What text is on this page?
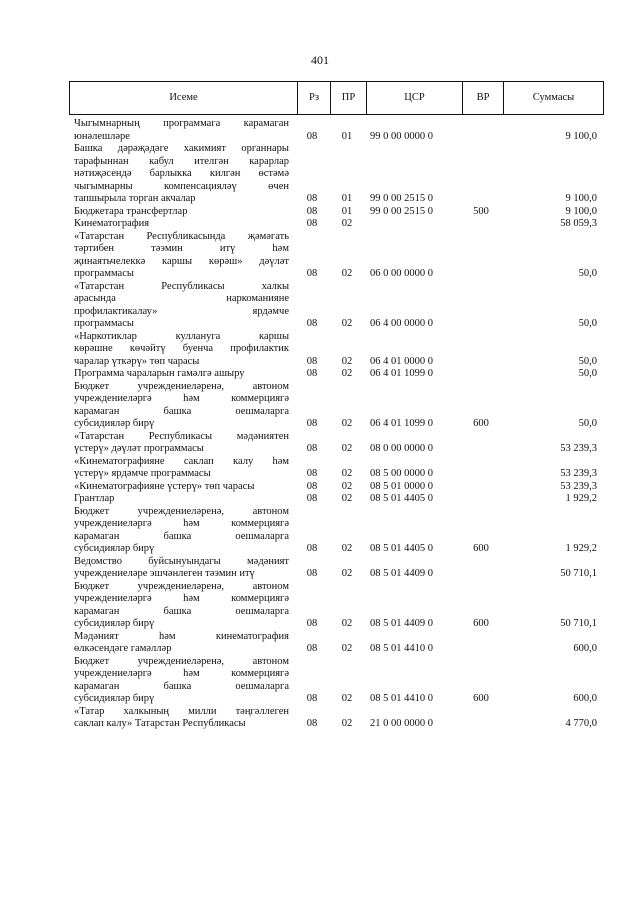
401
Исеме	Рз	ПР	ЦСР	ВР	Суммасы
Чыгымнарның программага карамаган
юнәлешләре	08	01	99 0 00 0000 0	9 100,0
Башка дәрәҗәдәге хакимият органнары
тарафыннан кабул ителгән карарлар
нәтиҗәсендә барлыкка килгән өстәмә
чыгымнарны компенсацияләү өчен
тапшырыла торган акчалар	08	01	99 0 00 2515 0	9 100,0
Бюджетара трансфертлар	08	01	99 0 00 2515 0	500	9 100,0
Кинематография	08	02	58 059,3
«Татарстан Республикасында җәмәгать
тәртибен тәэмин итү һәм
җинаятьчелеккә каршы көрәш» дәүләт
программасы	08	02	06 0 00 0000 0	50,0
«Татарстан Республикасы халкы
арасында наркоманияне
профилактикалау» ярдәмче
программасы	08	02	06 4 00 0000 0	50,0
«Наркотиклар куллануга каршы
көрәшне көчәйтү буенча профилактик
чаралар үткәрү» төп чарасы	08	02	06 4 01 0000 0	50,0
Программа чараларын гамәлгә ашыру	08	02	06 4 01 1099 0	50,0
Бюджет учреждениеләренә, автоном
учреждениеләргә һәм коммерциягә
карамаган башка оешмаларга
субсидияләр бирү	08	02	06 4 01 1099 0	600	50,0
«Татарстан Республикасы мәдәниятен
үстерү» дәүләт программасы	08	02	08 0 00 0000 0	53 239,3
«Кинематографияне саклап калу һәм
үстерү» ярдәмче программасы	08	02	08 5 00 0000 0	53 239,3
«Кинематографияне үстерү» төп чарасы	08	02	08 5 01 0000 0	53 239,3
Грантлар	08	02	08 5 01 4405 0	1 929,2
Бюджет учреждениеләренә, автоном
учреждениеләргә һәм коммерциягә
карамаган башка оешмаларга
субсидияләр бирү	08	02	08 5 01 4405 0	600	1 929,2
Ведомство буйсынуындагы мәдәният
учреждениеләре эшчәнлеген тәэмин итү	08	02	08 5 01 4409 0	50 710,1
Бюджет учреждениеләренә, автоном
учреждениеләргә һәм коммерциягә
карамаган башка оешмаларга
субсидияләр бирү	08	02	08 5 01 4409 0	600	50 710,1
Мәдәният һәм кинематография
өлкәсендәге гамәлләр	08	02	08 5 01 4410 0	600,0
Бюджет учреждениеләренә, автоном
учреждениеләргә һәм коммерциягә
карамаган башка оешмаларга
субсидияләр бирү	08	02	08 5 01 4410 0	600	600,0
«Татар халкының милли тәңгәллеген
саклап калу» Татарстан Республикасы	08	02	21 0 00 0000 0	4 770,0
